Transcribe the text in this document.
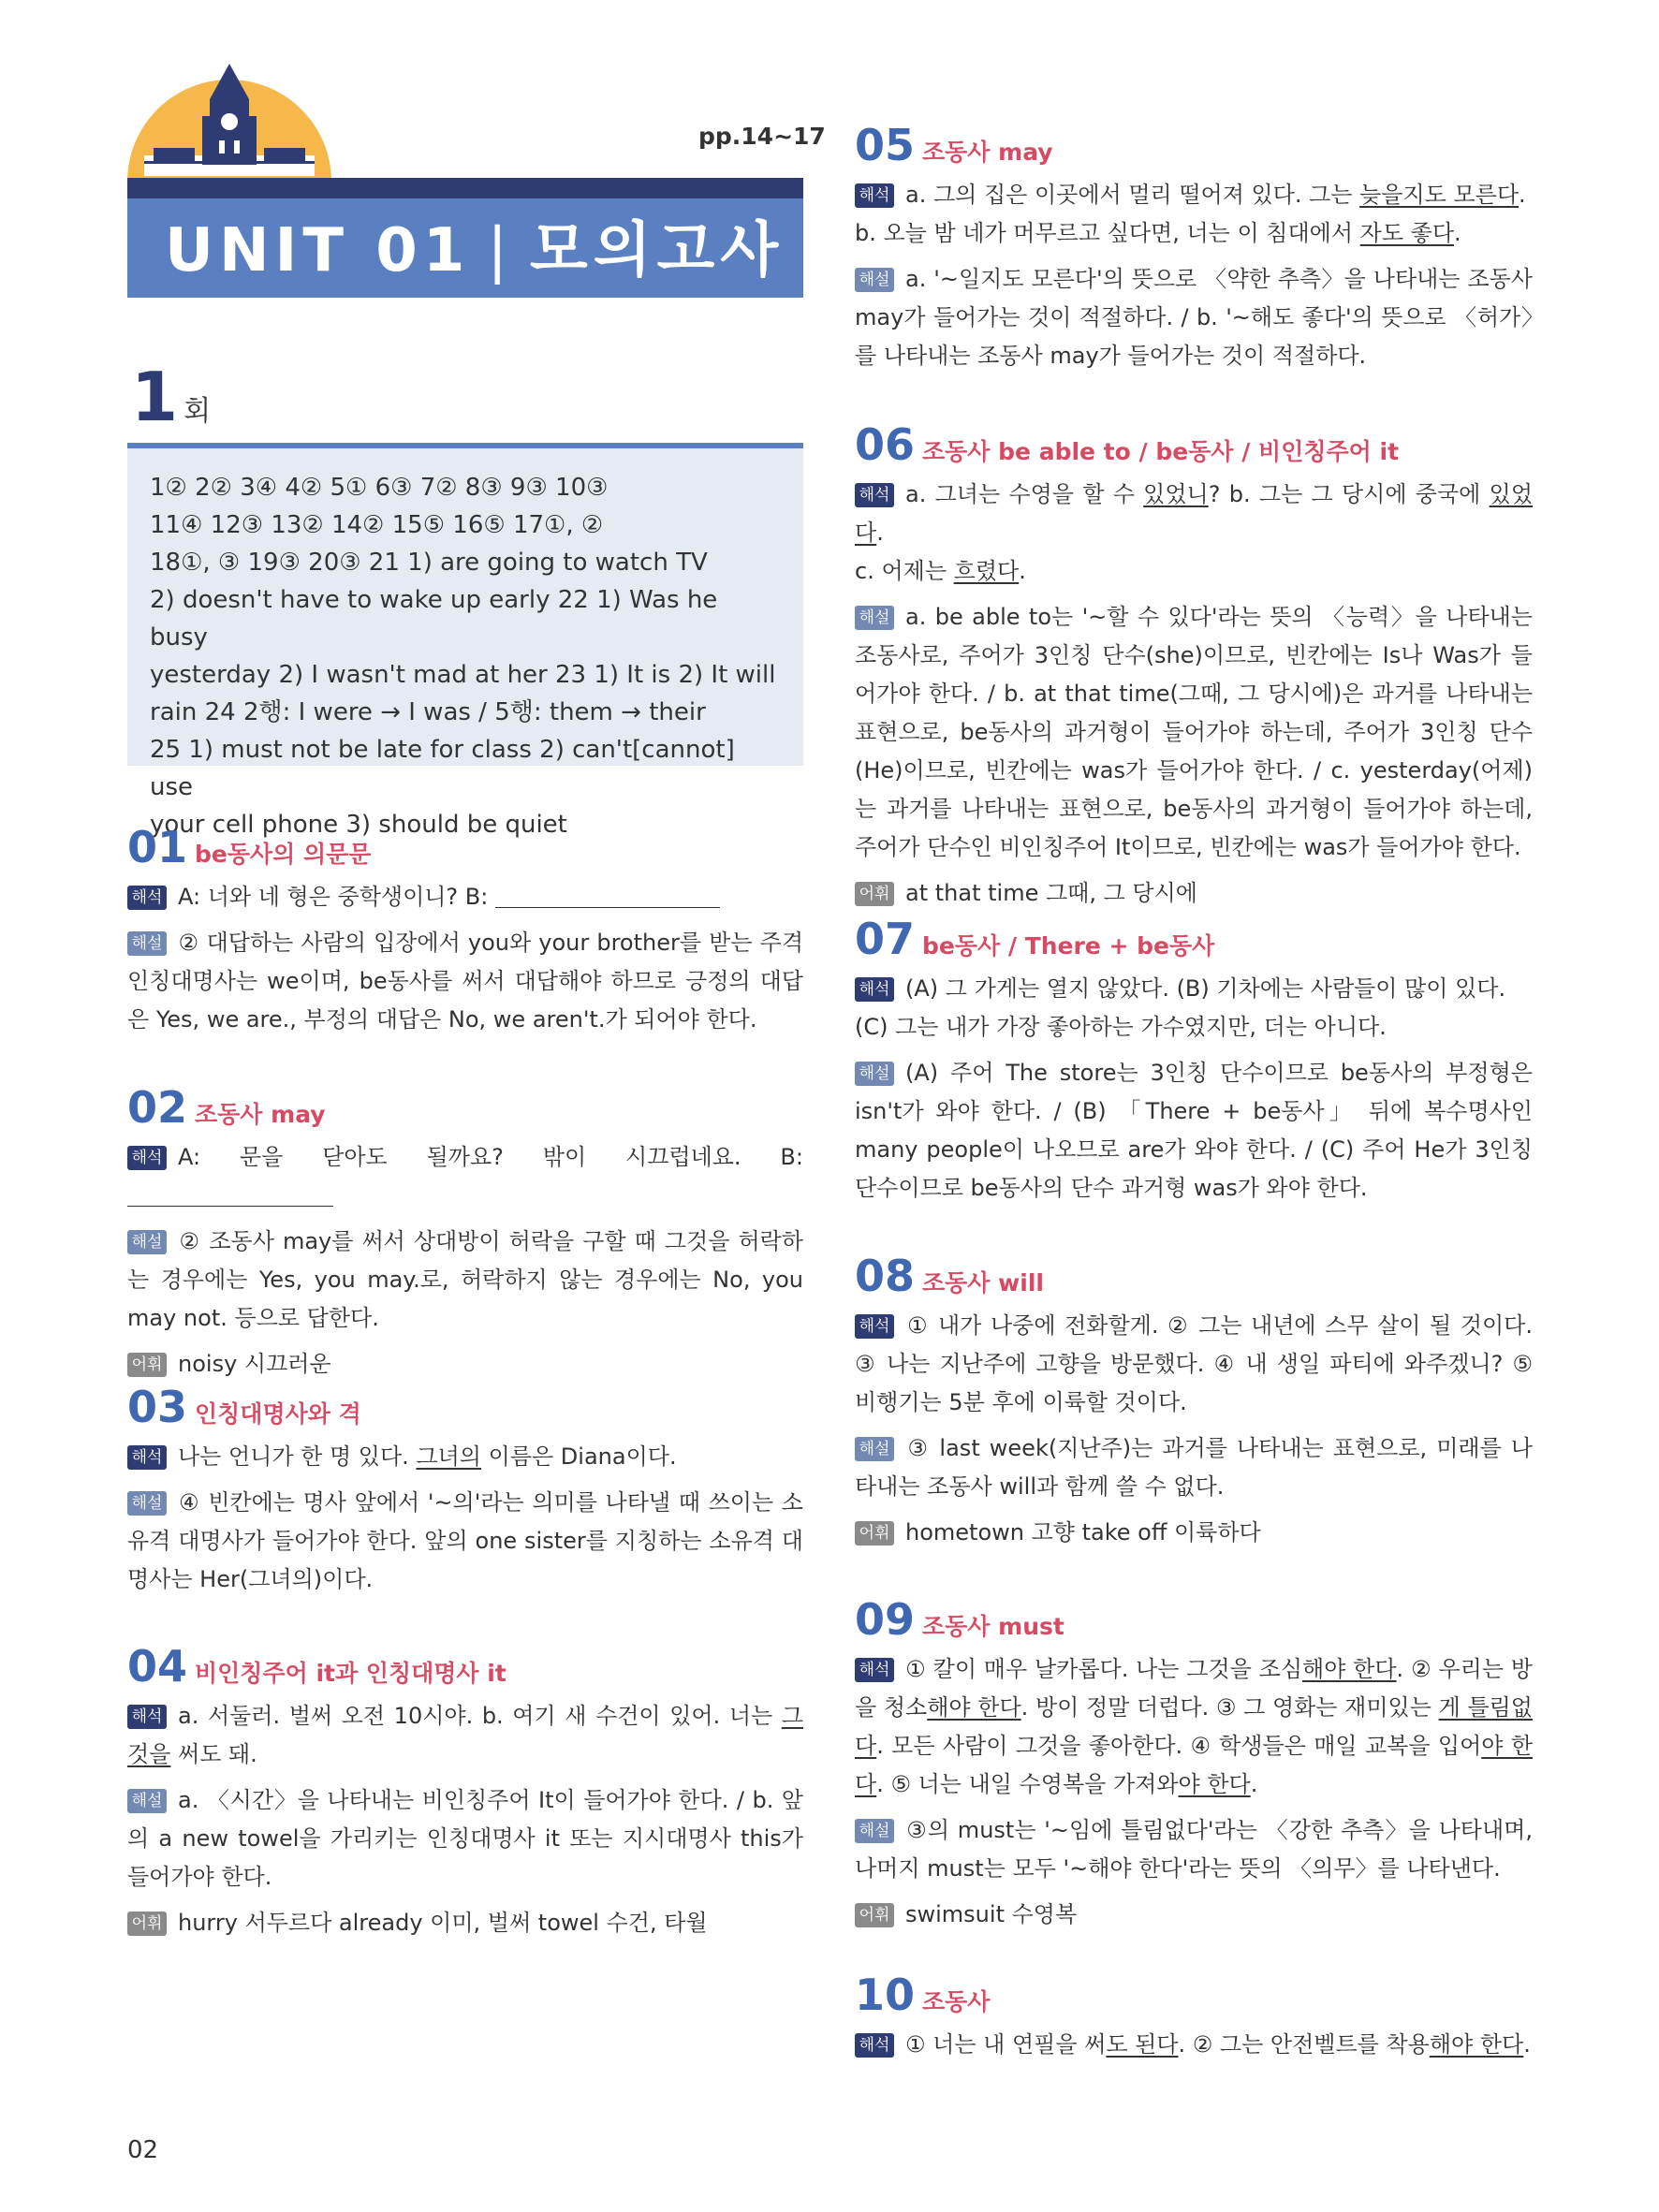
pp.14~17
UNIT 01 | 모의고사
1 회
1② 2② 3④ 4② 5① 6③ 7② 8③ 9③ 10③
11④ 12③ 13② 14② 15⑤ 16⑤ 17①, ②
18①, ③ 19③ 20③ 21 1) are going to watch TV
2) doesn't have to wake up early 22 1) Was he busy
yesterday 2) I wasn't mad at her 23 1) It is 2) It will
rain 24 2행: I were → I was / 5행: them → their
25 1) must not be late for class 2) can't[cannot] use
your cell phone 3) should be quiet
01 be동사의 의문문
해석 A: 너와 네 형은 중학생이니? B:
해설 ② 대답하는 사람의 입장에서 you와 your brother를 받는 주격 인칭대명사는 we이며, be동사를 써서 대답해야 하므로 긍정의 대답은 Yes, we are., 부정의 대답은 No, we aren't.가 되어야 한다.
02 조동사 may
해석 A: 문을 닫아도 될까요? 밖이 시끄럽네요. B:
해설 ② 조동사 may를 써서 상대방이 허락을 구할 때 그것을 허락하는 경우에는 Yes, you may.로, 허락하지 않는 경우에는 No, you may not. 등으로 답한다.
어휘 noisy 시끄러운
03 인칭대명사와 격
해석 나는 언니가 한 명 있다. 그녀의 이름은 Diana이다.
해설 ④ 빈칸에는 명사 앞에서 '~의'라는 의미를 나타낼 때 쓰이는 소유격 대명사가 들어가야 한다. 앞의 one sister를 지칭하는 소유격 대명사는 Her(그녀의)이다.
04 비인칭주어 it과 인칭대명사 it
해석 a. 서둘러. 벌써 오전 10시야. b. 여기 새 수건이 있어. 너는 그것을 써도 돼.
해설 a. 〈시간〉을 나타내는 비인칭주어 It이 들어가야 한다. / b. 앞의 a new towel을 가리키는 인칭대명사 it 또는 지시대명사 this가 들어가야 한다.
어휘 hurry 서두르다 already 이미, 벌써 towel 수건, 타월
05 조동사 may
해석 a. 그의 집은 이곳에서 멀리 떨어져 있다. 그는 늦을지도 모른다.
b. 오늘 밤 네가 머무르고 싶다면, 너는 이 침대에서 자도 좋다.
해설 a. '~일지도 모른다'의 뜻으로 〈약한 추측〉을 나타내는 조동사 may가 들어가는 것이 적절하다. / b. '~해도 좋다'의 뜻으로 〈허가〉를 나타내는 조동사 may가 들어가는 것이 적절하다.
06 조동사 be able to / be동사 / 비인칭주어 it
해석 a. 그녀는 수영을 할 수 있었니? b. 그는 그 당시에 중국에 있었다.
c. 어제는 흐렸다.
해설 a. be able to는 '~할 수 있다'라는 뜻의 〈능력〉을 나타내는 조동사로, 주어가 3인칭 단수(she)이므로, 빈칸에는 Is나 Was가 들어가야 한다. / b. at that time(그때, 그 당시에)은 과거를 나타내는 표현으로, be동사의 과거형이 들어가야 하는데, 주어가 3인칭 단수(He)이므로, 빈칸에는 was가 들어가야 한다. / c. yesterday(어제)는 과거를 나타내는 표현으로, be동사의 과거형이 들어가야 하는데, 주어가 단수인 비인칭주어 It이므로, 빈칸에는 was가 들어가야 한다.
어휘 at that time 그때, 그 당시에
07 be동사 / There + be동사
해석 (A) 그 가게는 열지 않았다. (B) 기차에는 사람들이 많이 있다.
(C) 그는 내가 가장 좋아하는 가수였지만, 더는 아니다.
해설 (A) 주어 The store는 3인칭 단수이므로 be동사의 부정형은 isn't가 와야 한다. / (B) 「There + be동사」 뒤에 복수명사인 many people이 나오므로 are가 와야 한다. / (C) 주어 He가 3인칭 단수이므로 be동사의 단수 과거형 was가 와야 한다.
08 조동사 will
해석 ① 내가 나중에 전화할게. ② 그는 내년에 스무 살이 될 것이다. ③ 나는 지난주에 고향을 방문했다. ④ 내 생일 파티에 와주겠니? ⑤ 비행기는 5분 후에 이륙할 것이다.
해설 ③ last week(지난주)는 과거를 나타내는 표현으로, 미래를 나타내는 조동사 will과 함께 쓸 수 없다.
어휘 hometown 고향 take off 이륙하다
09 조동사 must
해석 ① 칼이 매우 날카롭다. 나는 그것을 조심해야 한다. ② 우리는 방을 청소해야 한다. 방이 정말 더럽다. ③ 그 영화는 재미있는 게 틀림없다. 모든 사람이 그것을 좋아한다. ④ 학생들은 매일 교복을 입어야 한다. ⑤ 너는 내일 수영복을 가져와야 한다.
해설 ③의 must는 '~임에 틀림없다'라는 〈강한 추측〉을 나타내며, 나머지 must는 모두 '~해야 한다'라는 뜻의 〈의무〉를 나타낸다.
어휘 swimsuit 수영복
10 조동사
해석 ① 너는 내 연필을 써도 된다. ② 그는 안전벨트를 착용해야 한다.
02
